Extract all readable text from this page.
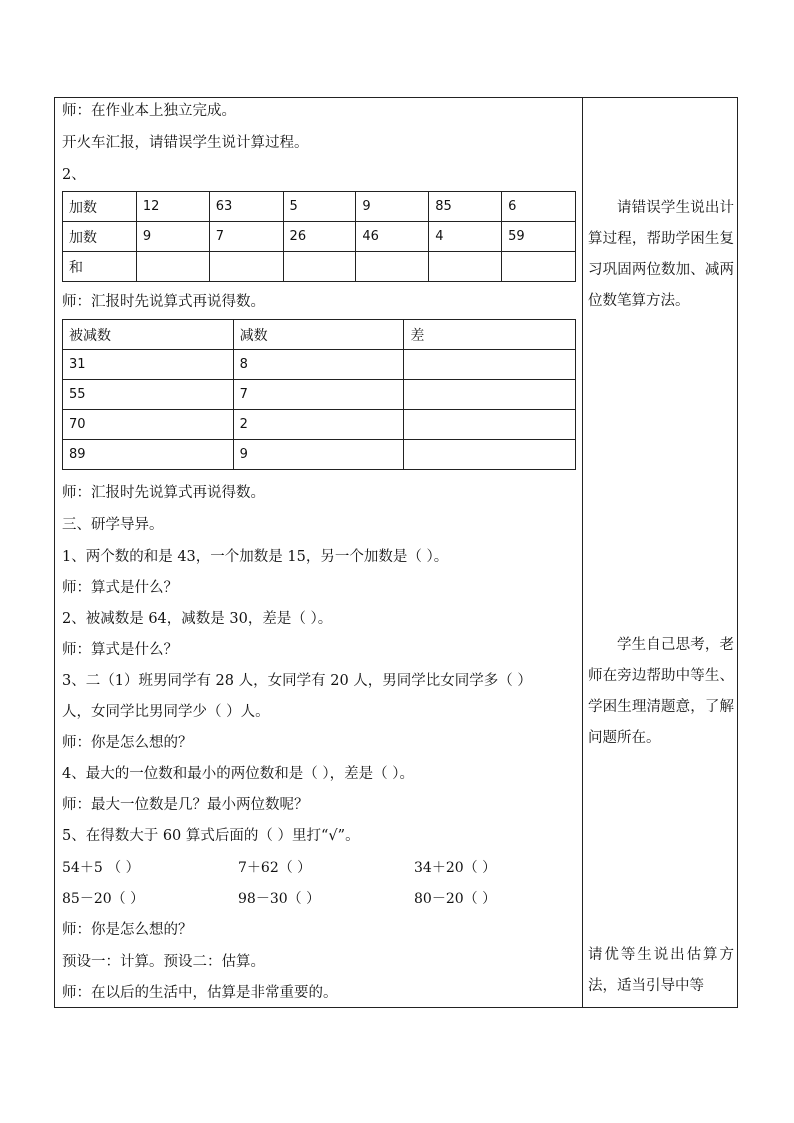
师：在作业本上独立完成。
开火车汇报，请错误学生说计算过程。
2、
加数	12	63	5	9	85	6
加数	9	7	26	46	4	59
和						
师：汇报时先说算式再说得数。
被减数	减数	差
31	8	
55	7	
70	2	
89	9	
师：汇报时先说算式再说得数。
三、研学导异。
1、两个数的和是 43，一个加数是 15，另一个加数是（ ）。
师：算式是什么？
2、被减数是 64，减数是 30，差是（ ）。
师：算式是什么？
3、二（1）班男同学有 28 人，女同学有 20 人，男同学比女同学多（ ）
人，女同学比男同学少（ ）人。
师：你是怎么想的？
4、最大的一位数和最小的两位数和是（ ），差是（ ）。
师：最大一位数是几？最小两位数呢？
5、在得数大于 60 算式后面的（ ）里打“√”。
54＋5 （ ）	7＋62（ ）	34＋20（ ）
85－20（ ）	98－30（ ）	80－20（ ）
师：你是怎么想的？
预设一：计算。预设二：估算。
师：在以后的生活中，估算是非常重要的。

请错误学生说出计算过程，帮助学困生复习巩固两位数加、减两位数笔算方法。

学生自己思考，老师在旁边帮助中等生、学困生理清题意，了解问题所在。

请优等生说出估算方法，适当引导中等
